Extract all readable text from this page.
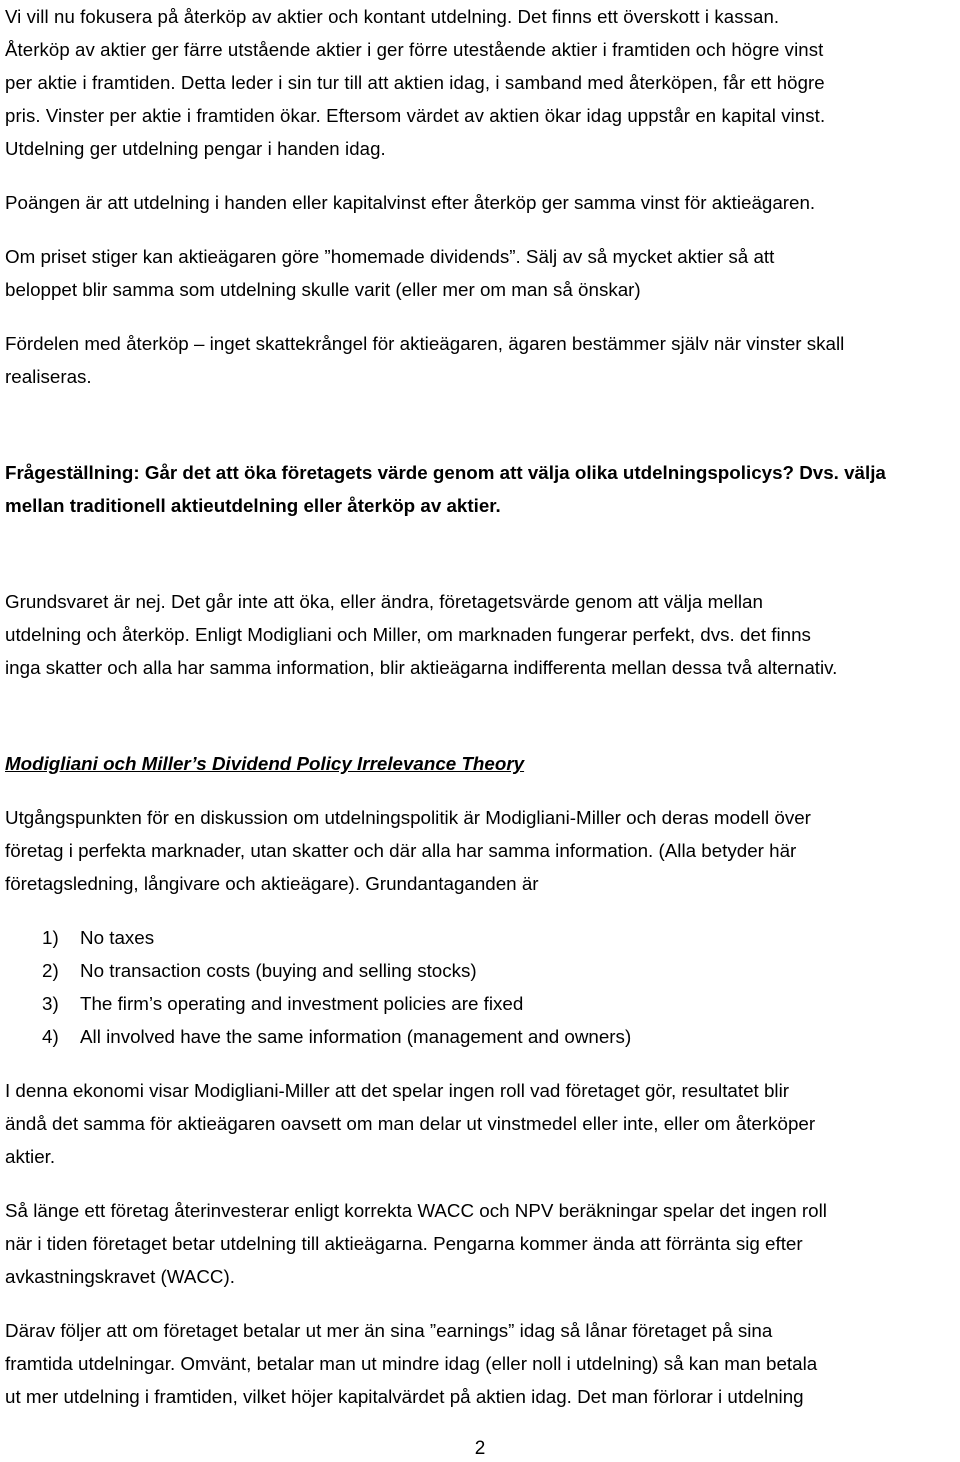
Vi vill nu fokusera på återköp av aktier och kontant utdelning. Det finns ett överskott i kassan.

Återköp av aktier ger färre utstående aktier i ger förre utestående aktier i framtiden och högre vinst

per aktie i framtiden. Detta leder i sin tur till att aktien idag, i samband med återköpen, får ett högre

pris. Vinster per aktie i framtiden ökar. Eftersom värdet av aktien ökar idag uppstår en kapital vinst.

Utdelning ger utdelning pengar i handen idag.

Poängen är att utdelning i handen eller kapitalvinst efter återköp ger samma vinst för aktieägaren.

Om priset stiger kan aktieägaren göre ”homemade dividends”. Sälj av så mycket aktier så att

beloppet blir samma som utdelning skulle varit (eller mer om man så önskar)

Fördelen med återköp – inget skattekrångel för aktieägaren, ägaren bestämmer själv när vinster skall

realiseras.

Frågeställning: Går det att öka företagets värde genom att välja olika utdelningspolicys? Dvs. välja

mellan traditionell aktieutdelning eller återköp av aktier.

Grundsvaret är nej. Det går inte att öka, eller ändra, företagetsvärde genom att välja mellan

utdelning och återköp. Enligt Modigliani och Miller, om marknaden fungerar perfekt, dvs. det finns

inga skatter och alla har samma information, blir aktieägarna indifferenta mellan dessa två alternativ.

Modigliani och Miller’s Dividend Policy Irrelevance Theory

Utgångspunkten för en diskussion om utdelningspolitik är Modigliani-Miller och deras modell över

företag i perfekta marknader, utan skatter och där alla har samma information. (Alla betyder här

företagsledning, långivare och aktieägare). Grundantaganden är

1) No taxes
2) No transaction costs (buying and selling stocks)
3) The firm’s operating and investment policies are fixed
4) All involved have the same information (management and owners)

I denna ekonomi visar Modigliani-Miller att det spelar ingen roll vad företaget gör, resultatet blir

ändå det samma för aktieägaren oavsett om man delar ut vinstmedel eller inte, eller om återköper

aktier.

Så länge ett företag återinvesterar enligt korrekta WACC och NPV beräkningar spelar det ingen roll

när i tiden företaget betar utdelning till aktieägarna. Pengarna kommer ända att förränta sig efter

avkastningskravet (WACC).

Därav följer att om företaget betalar ut mer än sina ”earnings” idag så lånar företaget på sina

framtida utdelningar. Omvänt, betalar man ut mindre idag (eller noll i utdelning) så kan man betala

ut mer utdelning i framtiden, vilket höjer kapitalvärdet på aktien idag. Det man förlorar i utdelning

2
